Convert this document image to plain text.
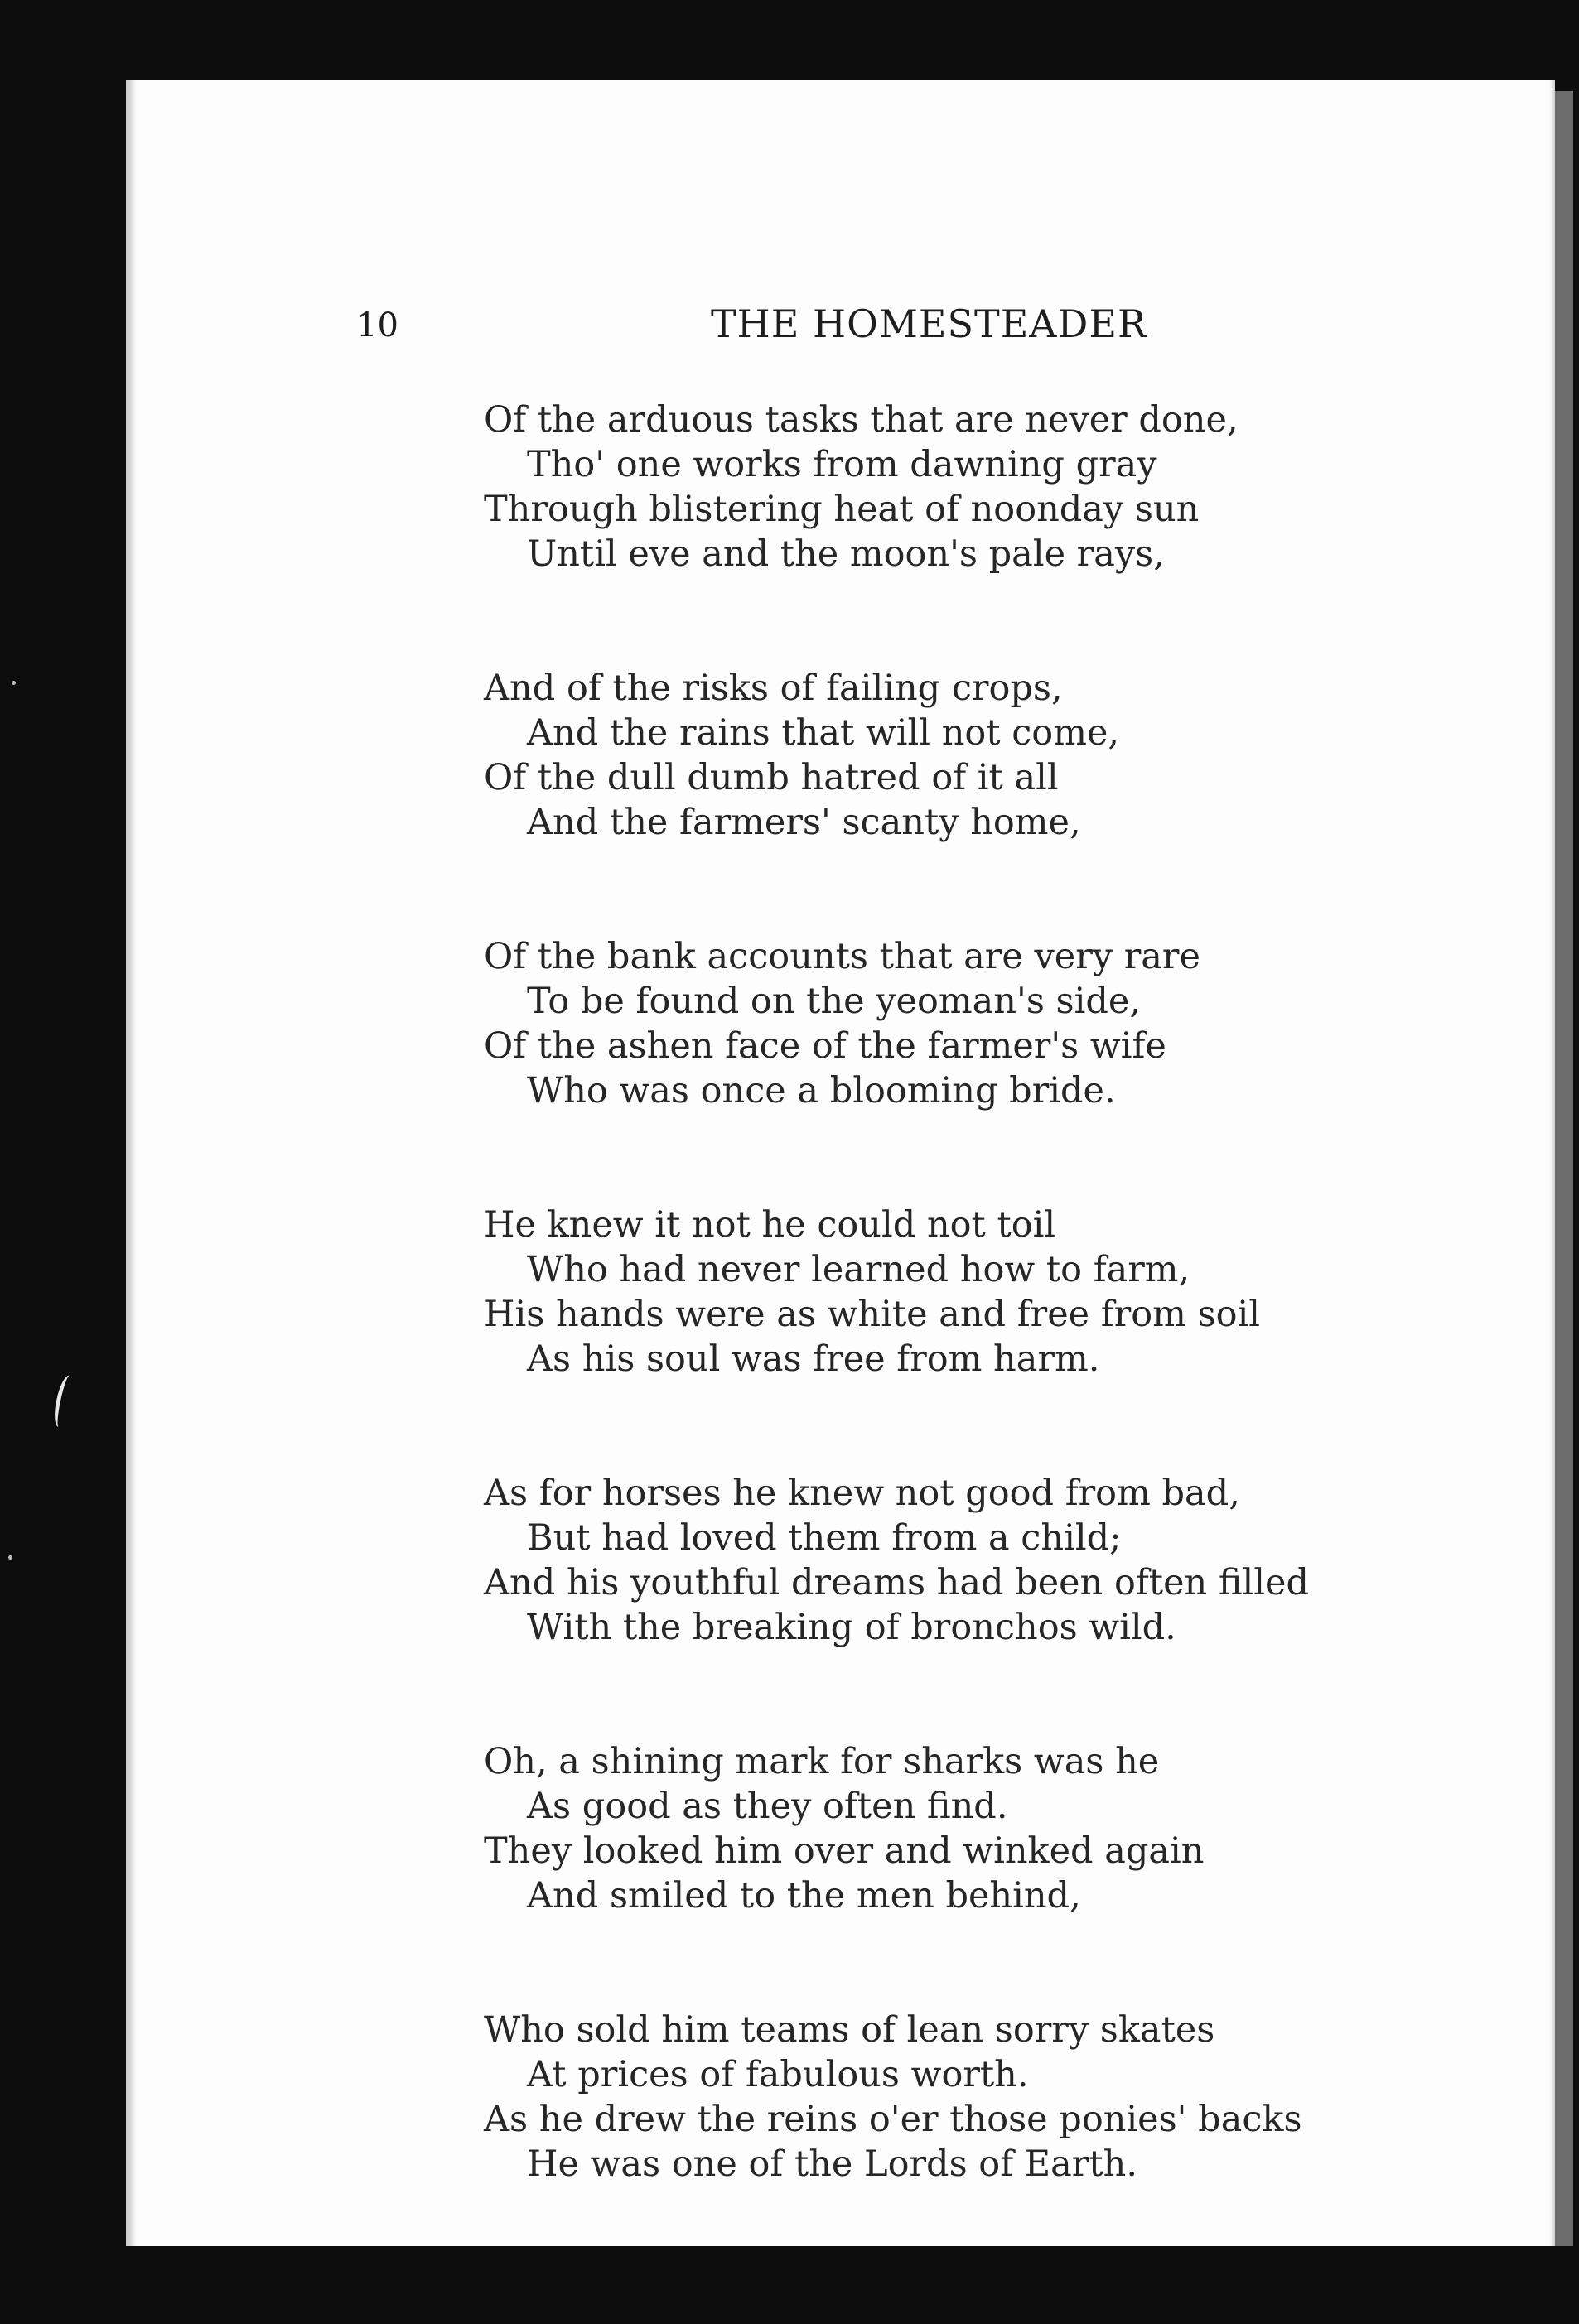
10	THE HOMESTEADER
Of the arduous tasks that are never done,
Tho' one works from dawning gray
Through blistering heat of noonday sun
Until eve and the moon's pale rays,
And of the risks of failing crops,
And the rains that will not come,
Of the dull dumb hatred of it all
And the farmers' scanty home,
Of the bank accounts that are very rare
To be found on the yeoman's side,
Of the ashen face of the farmer's wife
Who was once a blooming bride.
He knew it not he could not toil
Who had never learned how to farm,
His hands were as white and free from soil
As his soul was free from harm.
As for horses he knew not good from bad,
But had loved them from a child;
And his youthful dreams had been often filled
With the breaking of bronchos wild.
Oh, a shining mark for sharks was he
As good as they often find.
They looked him over and winked again
And smiled to the men behind,
Who sold him teams of lean sorry skates
At prices of fabulous worth.
As he drew the reins o'er those ponies' backs
He was one of the Lords of Earth.
